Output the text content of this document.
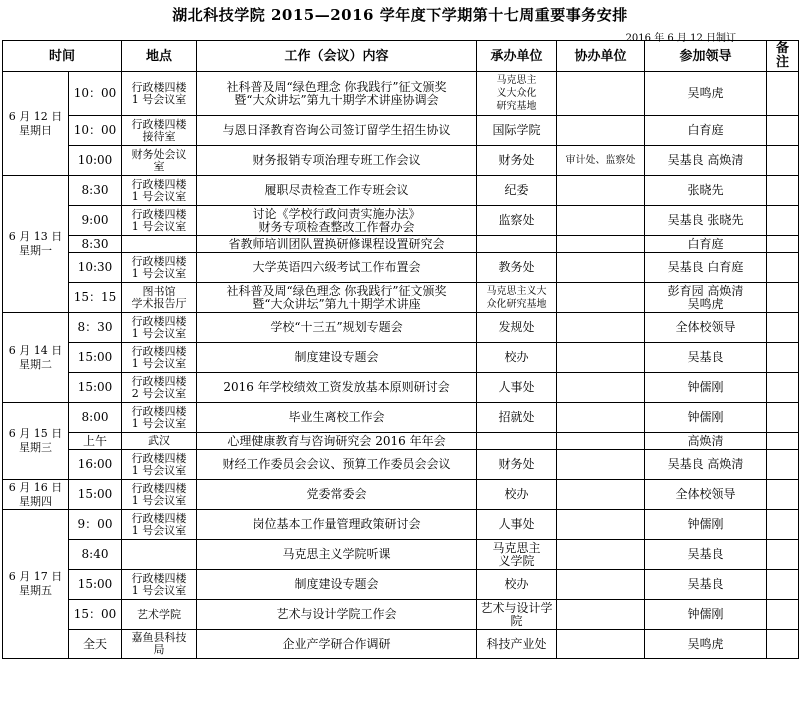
湖北科技学院 2015—2016 学年度下学期第十七周重要事务安排
2016 年 6 月 12 日制订
时间		地点	工作（会议）内容	承办单位	协办单位	参加领导	备
注
6 月 12 日
星期日	10：00	行政楼四楼
1 号会议室	社科普及周“绿色理念 你我践行”征文颁奖
暨“大众讲坛”第九十期学术讲座协调会	马克思主
义大众化
研究基地		吴鸣虎	
	10：00	行政楼四楼
接待室	与恩日泽教育咨询公司签订留学生招生协议	国际学院		白育庭	
	10:00	财务处会议
室	财务报销专项治理专班工作会议	财务处	审计处、监察处	吴基良 高焕清	
6 月 13 日
星期一	8:30	行政楼四楼
1 号会议室	履职尽责检查工作专班会议	纪委		张晓先	
	9:00	行政楼四楼
1 号会议室	讨论《学校行政问责实施办法》
财务专项检查整改工作督办会	监察处		吴基良 张晓先	
	8:30		省教师培训团队置换研修课程设置研究会			白育庭	
	10:30	行政楼四楼
1 号会议室	大学英语四六级考试工作布置会	教务处		吴基良 白育庭	
	15：15	图书馆
学术报告厅	社科普及周“绿色理念 你我践行”征文颁奖
暨“大众讲坛”第九十期学术讲座	马克思主义大
众化研究基地		彭育园 高焕清
吴鸣虎	
6 月 14 日
星期二	8：30	行政楼四楼
1 号会议室	学校“十三五”规划专题会	发规处		全体校领导	
	15:00	行政楼四楼
1 号会议室	制度建设专题会	校办		吴基良	
	15:00	行政楼四楼
2 号会议室	2016 年学校绩效工资发放基本原则研讨会	人事处		钟儒刚	
6 月 15 日
星期三	8:00	行政楼四楼
1 号会议室	毕业生离校工作会	招就处		钟儒刚	
	上午	武汉	心理健康教育与咨询研究会 2016 年年会			高焕清	
	16:00	行政楼四楼
1 号会议室	财经工作委员会会议、预算工作委员会会议	财务处		吴基良 高焕清	
6 月 16 日
星期四	15:00	行政楼四楼
1 号会议室	党委常委会	校办		全体校领导	
6 月 17 日
星期五	9：00	行政楼四楼
1 号会议室	岗位基本工作量管理政策研讨会	人事处		钟儒刚	
	8:40		马克思主义学院听课	马克思主
义学院		吴基良	
	15:00	行政楼四楼
1 号会议室	制度建设专题会	校办		吴基良	
	15：00	艺术学院	艺术与设计学院工作会	艺术与设计学
院		钟儒刚	
	全天	嘉鱼县科技
局	企业产学研合作调研	科技产业处		吴鸣虎	
